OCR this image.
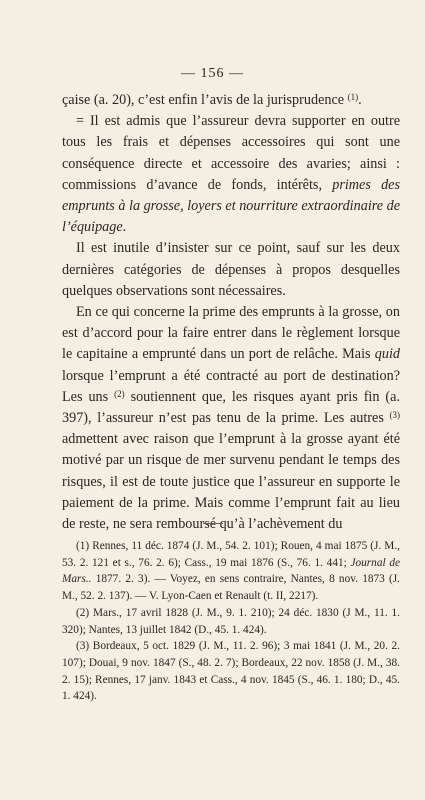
— 156 —

çaise (a. 20), c’est enfin l’avis de la jurisprudence $^{(1)}$.

= Il est admis que l’assureur devra supporter en outre tous les frais et dépenses accessoires qui sont une conséquence directe et accessoire des avaries; ainsi : commissions d’avance de fonds, intérêts, primes des emprunts à la grosse, loyers et nourriture extraordinaire de l’équipage.

Il est inutile d’insister sur ce point, sauf sur les deux dernières catégories de dépenses à propos desquelles quelques observations sont nécessaires.

En ce qui concerne la prime des emprunts à la grosse, on est d’accord pour la faire entrer dans le règlement lorsque le capitaine a emprunté dans un port de relâche. Mais quid lorsque l’emprunt a été contracté au port de destination? Les uns $^{(2)}$ soutiennent que, les risques ayant pris fin (a. 397), l’assureur n’est pas tenu de la prime. Les autres $^{(3)}$ admettent avec raison que l’emprunt à la grosse ayant été motivé par un risque de mer survenu pendant le temps des risques, il est de toute justice que l’assureur en supporte le paiement de la prime. Mais comme l’emprunt fait au lieu de reste, ne sera remboursé qu’à l’achèvement du

(1) Rennes, 11 déc. 1874 (J. M., 54. 2. 101); Rouen, 4 mai 1875 (J. M., 53. 2. 121 et s., 76. 2. 6); Cass., 19 mai 1876 (S., 76. 1. 441; Journal de Mars.. 1877. 2. 3). — Voyez, en sens contraire, Nantes, 8 nov. 1873 (J. M., 52. 2. 137). — V. Lyon-Caen et Renault (t. II, 2217).

(2) Mars., 17 avril 1828 (J. M., 9. 1. 210); 24 déc. 1830 (J M., 11. 1. 320); Nantes, 13 juillet 1842 (D., 45. 1. 424).

(3) Bordeaux, 5 oct. 1829 (J. M., 11. 2. 96); 3 mai 1841 (J. M., 20. 2. 107); Douai, 9 nov. 1847 (S., 48. 2. 7); Bordeaux, 22 nov. 1858 (J. M., 38. 2. 15); Rennes, 17 janv. 1843 et Cass., 4 nov. 1845 (S., 46. 1. 180; D., 45. 1. 424).
